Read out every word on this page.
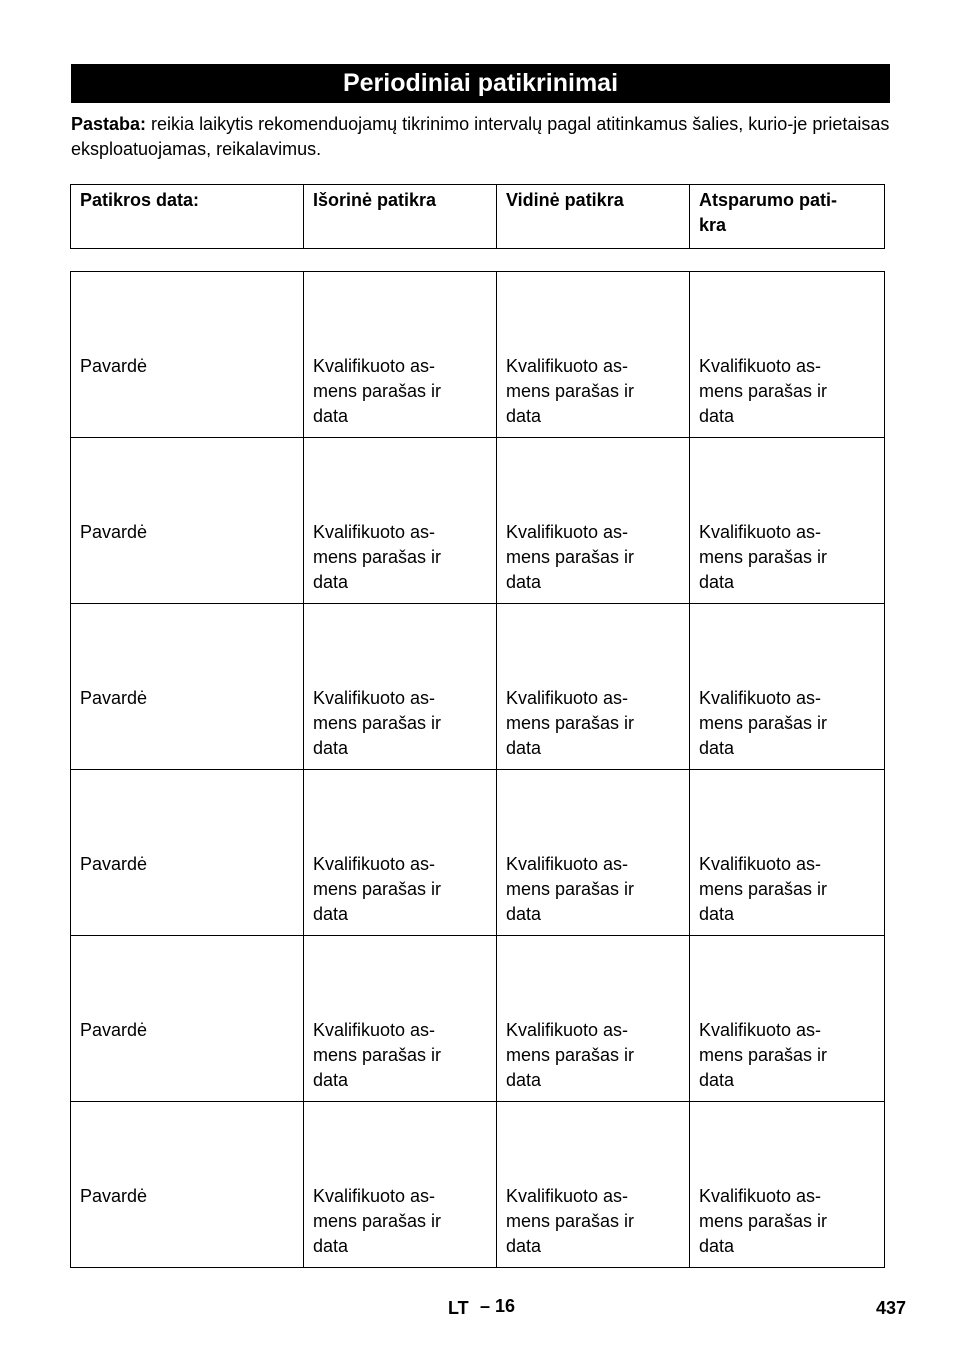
Periodiniai patikrinimai
Pastaba: reikia laikytis rekomenduojamų tikrinimo intervalų pagal atitinkamus šalies, kurio-je prietaisas eksploatuojamas, reikalavimus.
Patikros data:	Išorinė patikra	Vidinė patikra	Atsparumo pati-
kra
Pavardė	Kvalifikuoto as-
mens parašas ir
data	Kvalifikuoto as-
mens parašas ir
data	Kvalifikuoto as-
mens parašas ir
data

Pavardė	Kvalifikuoto as-
mens parašas ir
data	Kvalifikuoto as-
mens parašas ir
data	Kvalifikuoto as-
mens parašas ir
data

Pavardė	Kvalifikuoto as-
mens parašas ir
data	Kvalifikuoto as-
mens parašas ir
data	Kvalifikuoto as-
mens parašas ir
data

Pavardė	Kvalifikuoto as-
mens parašas ir
data	Kvalifikuoto as-
mens parašas ir
data	Kvalifikuoto as-
mens parašas ir
data

Pavardė	Kvalifikuoto as-
mens parašas ir
data	Kvalifikuoto as-
mens parašas ir
data	Kvalifikuoto as-
mens parašas ir
data

Pavardė	Kvalifikuoto as-
mens parašas ir
data	Kvalifikuoto as-
mens parašas ir
data	Kvalifikuoto as-
mens parašas ir
data
LT – 16	437
